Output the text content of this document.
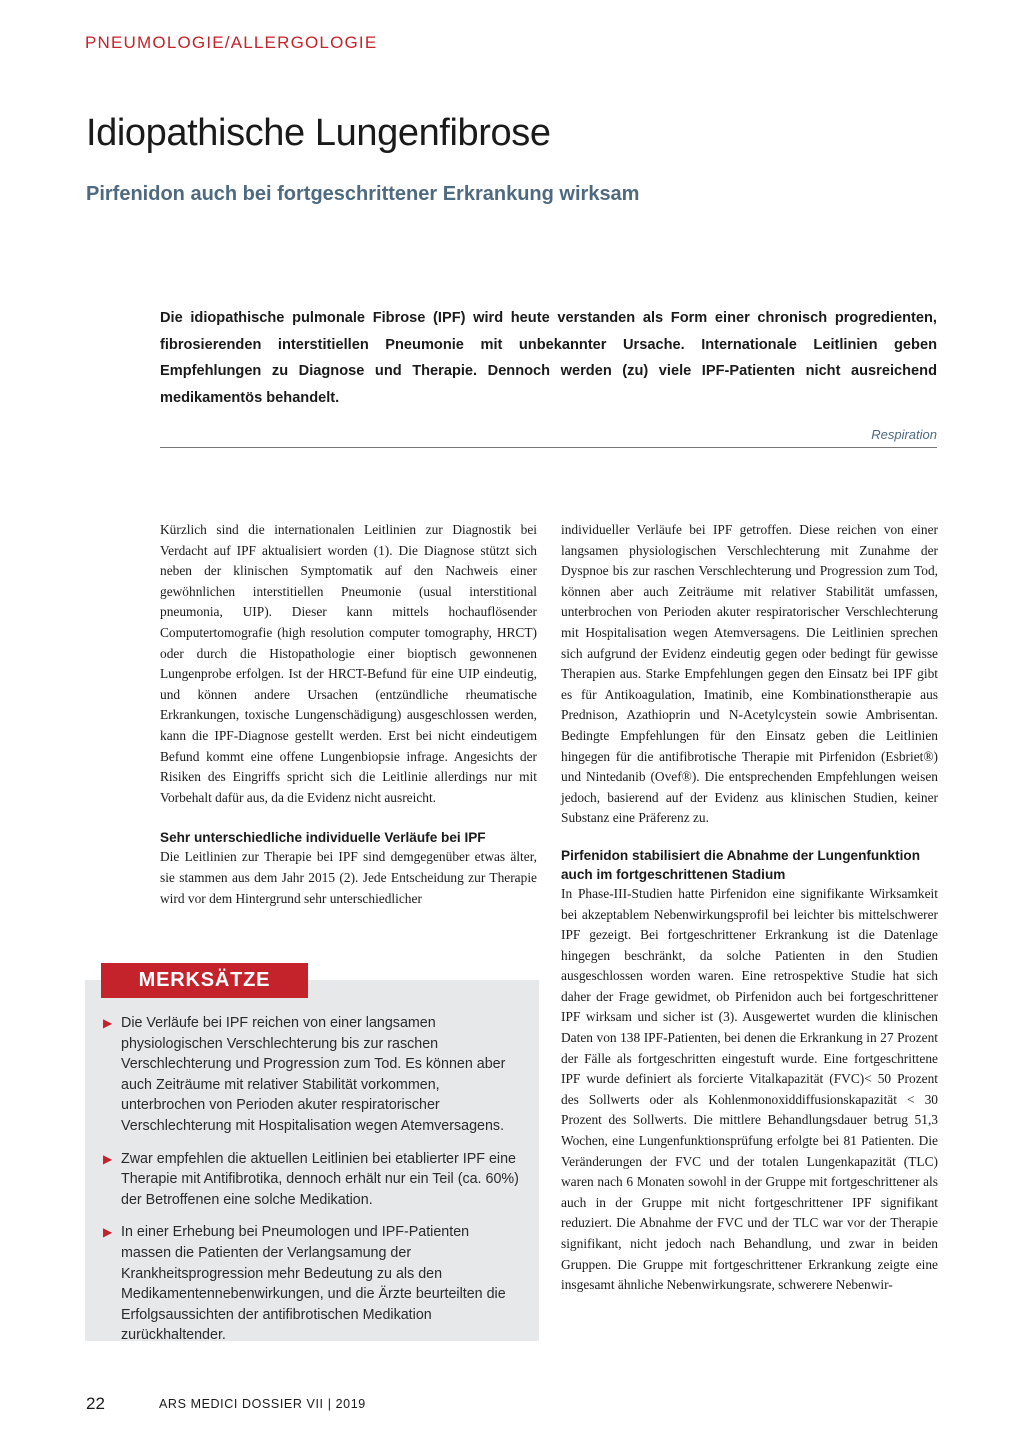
PNEUMOLOGIE/ALLERGOLOGIE
Idiopathische Lungenfibrose
Pirfenidon auch bei fortgeschrittener Erkrankung wirksam

Die idiopathische pulmonale Fibrose (IPF) wird heute verstanden als Form einer chronisch progredienten, fibrosierenden interstitiellen Pneumonie mit unbekannter Ursache. Internationale Leitlinien geben Empfehlungen zu Diagnose und Therapie. Dennoch werden (zu) viele IPF-Patienten nicht ausreichend medikamentös behandelt.

Respiration

Kürzlich sind die internationalen Leitlinien zur Diagnostik bei Verdacht auf IPF aktualisiert worden (1). Die Diagnose stützt sich neben der klinischen Symptomatik auf den Nachweis einer gewöhnlichen interstitiellen Pneumonie (usual interstitional pneumonia, UIP). Dieser kann mittels hochauflösender Computertomografie (high resolution computer tomography, HRCT) oder durch die Histopathologie einer bioptisch gewonnenen Lungenprobe erfolgen. Ist der HRCT-Befund für eine UIP eindeutig, und können andere Ursachen (entzündliche rheumatische Erkrankungen, toxische Lungenschädigung) ausgeschlossen werden, kann die IPF-Diagnose gestellt werden. Erst bei nicht eindeutigem Befund kommt eine offene Lungenbiopsie infrage. Angesichts der Risiken des Eingriffs spricht sich die Leitlinie allerdings nur mit Vorbehalt dafür aus, da die Evidenz nicht ausreicht.

Sehr unterschiedliche individuelle Verläufe bei IPF

Die Leitlinien zur Therapie bei IPF sind demgegenüber etwas älter, sie stammen aus dem Jahr 2015 (2). Jede Entscheidung zur Therapie wird vor dem Hintergrund sehr unterschiedlicher

individueller Verläufe bei IPF getroffen. Diese reichen von einer langsamen physiologischen Verschlechterung mit Zunahme der Dyspnoe bis zur raschen Verschlechterung und Progression zum Tod, können aber auch Zeiträume mit relativer Stabilität umfassen, unterbrochen von Perioden akuter respiratorischer Verschlechterung mit Hospitalisation wegen Atemversagens. Die Leitlinien sprechen sich aufgrund der Evidenz eindeutig gegen oder bedingt für gewisse Therapien aus. Starke Empfehlungen gegen den Einsatz bei IPF gibt es für Antikoagulation, Imatinib, eine Kombinationstherapie aus Prednison, Azathioprin und N-Acetylcystein sowie Ambrisentan. Bedingte Empfehlungen für den Einsatz geben die Leitlinien hingegen für die antifibrotische Therapie mit Pirfenidon (Esbriet®) und Nintedanib (Ovef®). Die entsprechenden Empfehlungen weisen jedoch, basierend auf der Evidenz aus klinischen Studien, keiner Substanz eine Präferenz zu.

Pirfenidon stabilisiert die Abnahme der Lungenfunktion auch im fortgeschrittenen Stadium

In Phase-III-Studien hatte Pirfenidon eine signifikante Wirksamkeit bei akzeptablem Nebenwirkungsprofil bei leichter bis mittelschwerer IPF gezeigt. Bei fortgeschrittener Erkrankung ist die Datenlage hingegen beschränkt, da solche Patienten in den Studien ausgeschlossen worden waren. Eine retrospektive Studie hat sich daher der Frage gewidmet, ob Pirfenidon auch bei fortgeschrittener IPF wirksam und sicher ist (3). Ausgewertet wurden die klinischen Daten von 138 IPF-Patienten, bei denen die Erkrankung in 27 Prozent der Fälle als fortgeschritten eingestuft wurde. Eine fortgeschrittene IPF wurde definiert als forcierte Vitalkapazität (FVC)< 50 Prozent des Sollwerts oder als Kohlenmonoxiddiffusionskapazität < 30 Prozent des Sollwerts. Die mittlere Behandlungsdauer betrug 51,3 Wochen, eine Lungenfunktionsprüfung erfolgte bei 81 Patienten. Die Veränderungen der FVC und der totalen Lungenkapazität (TLC) waren nach 6 Monaten sowohl in der Gruppe mit fortgeschrittener als auch in der Gruppe mit nicht fortgeschrittener IPF signifikant reduziert. Die Abnahme der FVC und der TLC war vor der Therapie signifikant, nicht jedoch nach Behandlung, und zwar in beiden Gruppen. Die Gruppe mit fortgeschrittener Erkrankung zeigte eine insgesamt ähnliche Nebenwirkungsrate, schwerere Nebenwir-

MERKSÄTZE
▶ Die Verläufe bei IPF reichen von einer langsamen physiologischen Verschlechterung bis zur raschen Verschlechterung und Progression zum Tod. Es können aber auch Zeiträume mit relativer Stabilität vorkommen, unterbrochen von Perioden akuter respiratorischer Verschlechterung mit Hospitalisation wegen Atemversagens.
▶ Zwar empfehlen die aktuellen Leitlinien bei etablierter IPF eine Therapie mit Antifibrotika, dennoch erhält nur ein Teil (ca. 60%) der Betroffenen eine solche Medikation.
▶ In einer Erhebung bei Pneumologen und IPF-Patienten massen die Patienten der Verlangsamung der Krankheitsprogression mehr Bedeutung zu als den Medikamentennebenwirkungen, und die Ärzte beurteilten die Erfolgsaussichten der antifibrotischen Medikation zurückhaltender.
22	ARS MEDICI DOSSIER VII | 2019
